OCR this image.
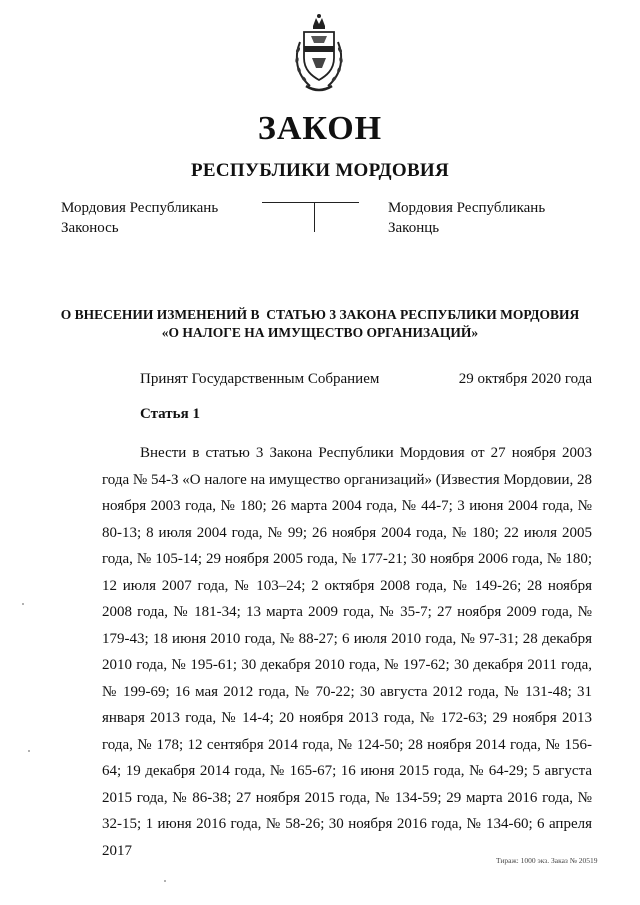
ЗАКОН
РЕСПУБЛИКИ МОРДОВИЯ
Мордовия Республикань
Законось
Мордовия Республикань
Законць
О ВНЕСЕНИИ ИЗМЕНЕНИЙ В  СТАТЬЮ 3 ЗАКОНА РЕСПУБЛИКИ МОРДОВИЯ
«О НАЛОГЕ НА ИМУЩЕСТВО ОРГАНИЗАЦИЙ»
Принят Государственным Собранием	29 октября 2020 года
Статья 1
Внести в статью 3 Закона Республики Мордовия от 27 ноября 2003 года № 54-З «О налоге на имущество организаций» (Известия Мордовии, 28 ноября 2003 года, № 180; 26 марта 2004 года, № 44-7; 3 июня 2004 года, № 80-13; 8 июля 2004 года, № 99; 26 ноября 2004 года, № 180; 22 июля 2005 года, № 105-14; 29 ноября 2005 года, № 177-21; 30 ноября 2006 года, № 180; 12 июля 2007 года, № 103–24; 2 октября 2008 года, № 149-26; 28 ноября 2008 года, № 181-34; 13 марта 2009 года, № 35-7; 27 ноября 2009 года, № 179-43; 18 июня 2010 года, № 88-27; 6 июля 2010 года, № 97-31; 28 декабря 2010 года, № 195-61; 30 декабря 2010 года, № 197-62; 30 декабря 2011 года, № 199-69; 16 мая 2012 года, № 70-22; 30 августа 2012 года, № 131-48; 31 января 2013 года, № 14-4; 20 ноября 2013 года, № 172-63; 29 ноября 2013 года, № 178; 12 сентября 2014 года, № 124-50; 28 ноября 2014 года, № 156-64; 19 декабря 2014 года, № 165-67; 16 июня 2015 года, № 64-29; 5 августа 2015 года, № 86-38; 27 ноября 2015 года, № 134-59; 29 марта 2016 года, № 32-15; 1 июня 2016 года, № 58-26; 30 ноября 2016 года, № 134-60; 6 апреля 2017
Тираж: 1000 экз. Заказ № 20519
